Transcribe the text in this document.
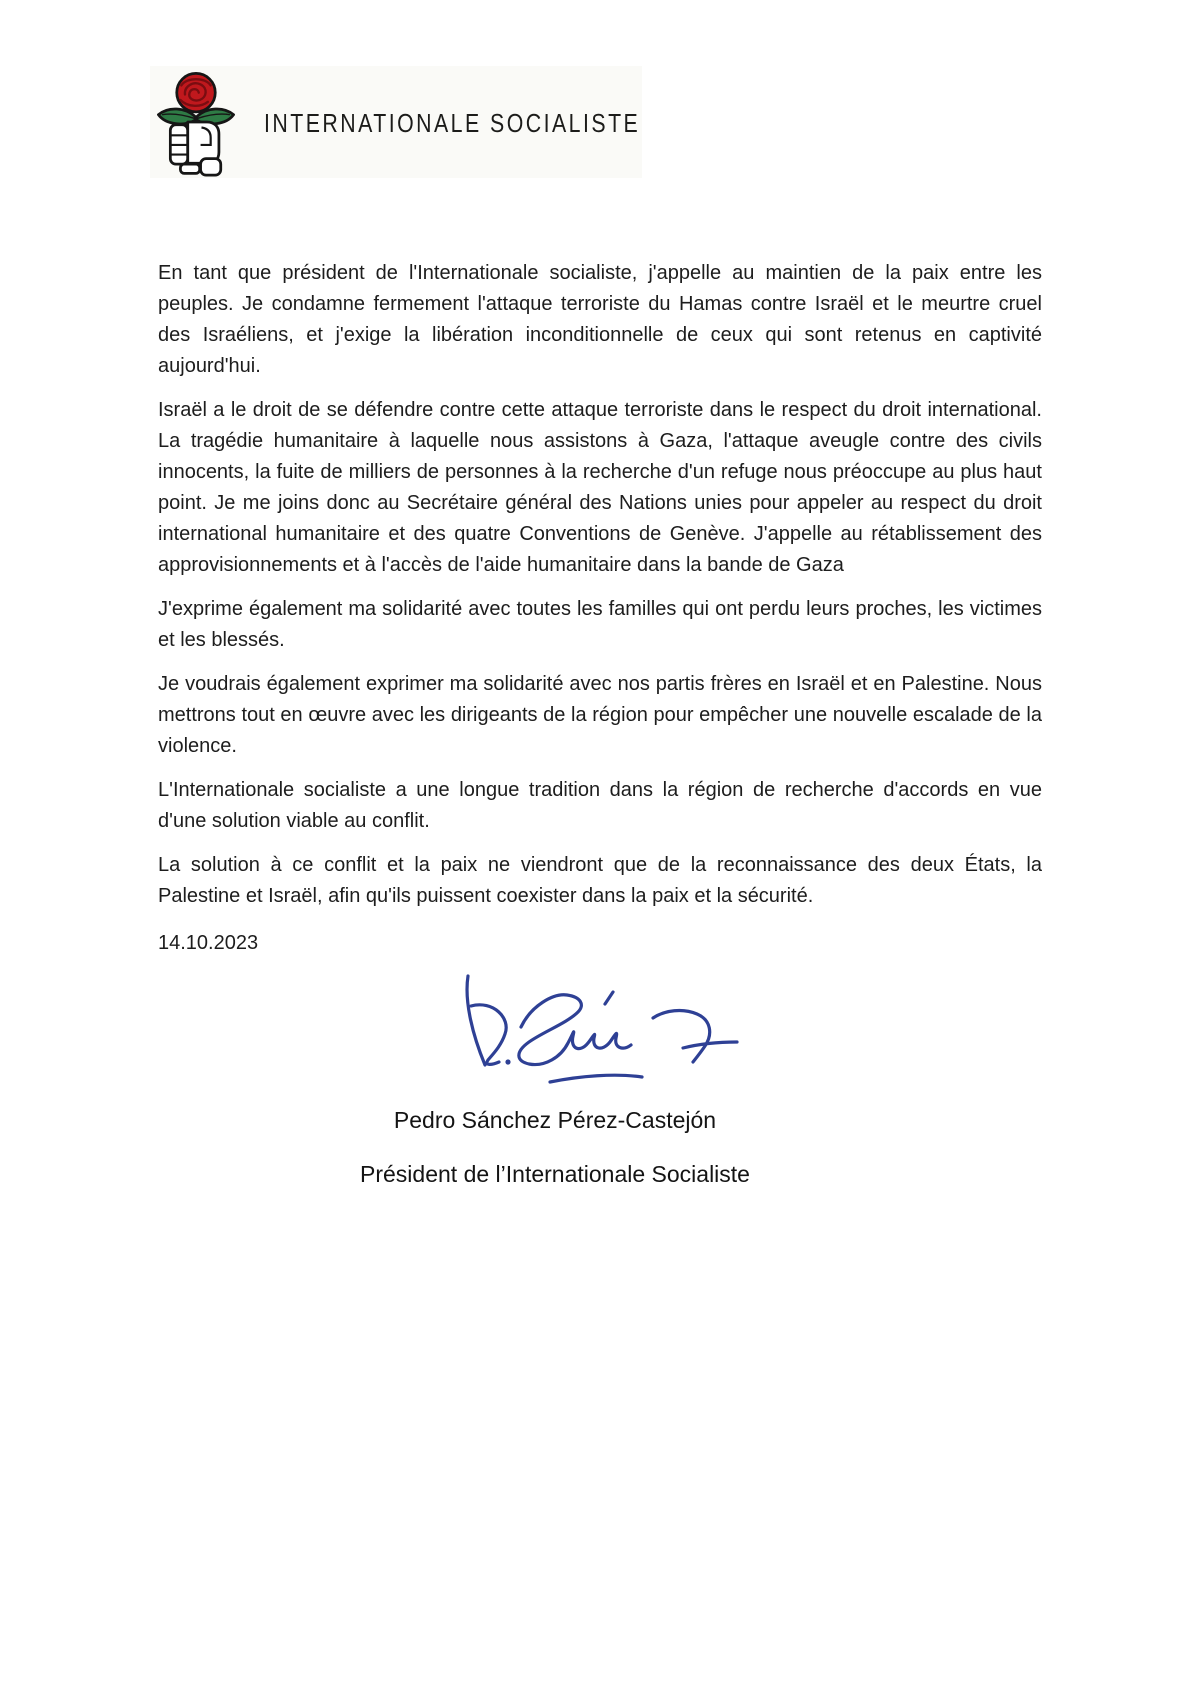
INTERNATIONALE SOCIALISTE

En tant que président de l'Internationale socialiste, j'appelle au maintien de la paix entre les peuples. Je condamne fermement l'attaque terroriste du Hamas contre Israël et le meurtre cruel des Israéliens, et j'exige la libération inconditionnelle de ceux qui sont retenus en captivité aujourd'hui.

Israël a le droit de se défendre contre cette attaque terroriste dans le respect du droit international. La tragédie humanitaire à laquelle nous assistons à Gaza, l'attaque aveugle contre des civils innocents, la fuite de milliers de personnes à la recherche d'un refuge nous préoccupe au plus haut point. Je me joins donc au Secrétaire général des Nations unies pour appeler au respect du droit international humanitaire et des quatre Conventions de Genève. J'appelle au rétablissement des approvisionnements et à l'accès de l'aide humanitaire dans la bande de Gaza

J'exprime également ma solidarité avec toutes les familles qui ont perdu leurs proches, les victimes et les blessés.

Je voudrais également exprimer ma solidarité avec nos partis frères en Israël et en Palestine. Nous mettrons tout en œuvre avec les dirigeants de la région pour empêcher une nouvelle escalade de la violence.

L'Internationale socialiste a une longue tradition dans la région de recherche d'accords en vue d'une solution viable au conflit.

La solution à ce conflit et la paix ne viendront que de la reconnaissance des deux États, la Palestine et Israël, afin qu'ils puissent coexister dans la paix et la sécurité.

14.10.2023

Pedro Sánchez Pérez-Castejón
Président de l’Internationale Socialiste
